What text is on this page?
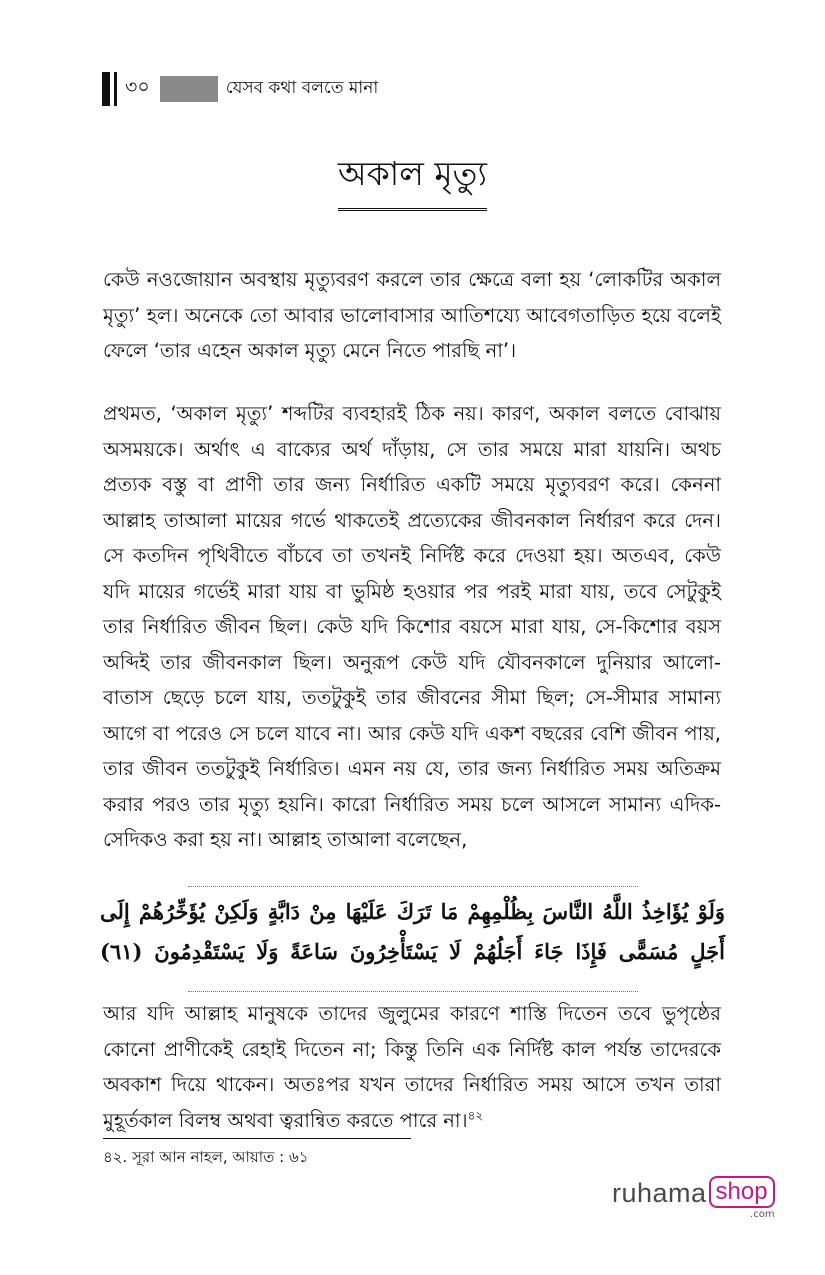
৩০	যেসব কথা বলতে মানা
অকাল মৃত্যু

কেউ নওজোয়ান অবস্থায় মৃত্যুবরণ করলে তার ক্ষেত্রে বলা হয় ‘লোকটির অকাল মৃত্যু’ হল। অনেকে তো আবার ভালোবাসার আতিশয্যে আবেগতাড়িত হয়ে বলেই ফেলে ‘তার এহেন অকাল মৃত্যু মেনে নিতে পারছি না’।

প্রথমত, ‘অকাল মৃত্যু’ শব্দটির ব্যবহারই ঠিক নয়। কারণ, অকাল বলতে বোঝায় অসময়কে। অর্থাৎ এ বাক্যের অর্থ দাঁড়ায়, সে তার সময়ে মারা যায়নি। অথচ প্রত্যক বস্তু বা প্রাণী তার জন্য নির্ধারিত একটি সময়ে মৃত্যুবরণ করে। কেননা আল্লাহ তাআলা মায়ের গর্ভে থাকতেই প্রত্যেকের জীবনকাল নির্ধারণ করে দেন। সে কতদিন পৃথিবীতে বাঁচবে তা তখনই নির্দিষ্ট করে দেওয়া হয়। অতএব, কেউ যদি মায়ের গর্ভেই মারা যায় বা ভুমিষ্ঠ হওয়ার পর পরই মারা যায়, তবে সেটুকুই তার নির্ধারিত জীবন ছিল। কেউ যদি কিশোর বয়সে মারা যায়, সে-কিশোর বয়স অব্দিই তার জীবনকাল ছিল। অনুরূপ কেউ যদি যৌবনকালে দুনিয়ার আলো-বাতাস ছেড়ে চলে যায়, ততটুকুই তার জীবনের সীমা ছিল; সে-সীমার সামান্য আগে বা পরেও সে চলে যাবে না। আর কেউ যদি একশ বছরের বেশি জীবন পায়, তার জীবন ততটুকুই নির্ধারিত। এমন নয় যে, তার জন্য নির্ধারিত সময় অতিক্রম করার পরও তার মৃত্যু হয়নি। কারো নির্ধারিত সময় চলে আসলে সামান্য এদিক-সেদিকও করা হয় না। আল্লাহ তাআলা বলেছেন,

وَلَوْ يُؤَاخِذُ اللَّهُ النَّاسَ بِظُلْمِهِمْ مَا تَرَكَ عَلَيْهَا مِنْ دَابَّةٍ وَلَكِنْ يُؤَخِّرُهُمْ إِلَى أَجَلٍ مُسَمًّى فَإِذَا جَاءَ أَجَلُهُمْ لَا يَسْتَأْخِرُونَ سَاعَةً وَلَا يَسْتَقْدِمُونَ (٦١)

আর যদি আল্লাহ মানুষকে তাদের জুলুমের কারণে শাস্তি দিতেন তবে ভুপৃষ্ঠের কোনো প্রাণীকেই রেহাই দিতেন না; কিন্তু তিনি এক নির্দিষ্ট কাল পর্যন্ত তাদেরকে অবকাশ দিয়ে থাকেন। অতঃপর যখন তাদের নির্ধারিত সময় আসে তখন তারা মুহূর্তকাল বিলম্ব অথবা ত্বরান্বিত করতে পারে না।$^{৪২}$

৪২. সূরা আন নাহল, আয়াত : ৬১
ruhama shop
.com
